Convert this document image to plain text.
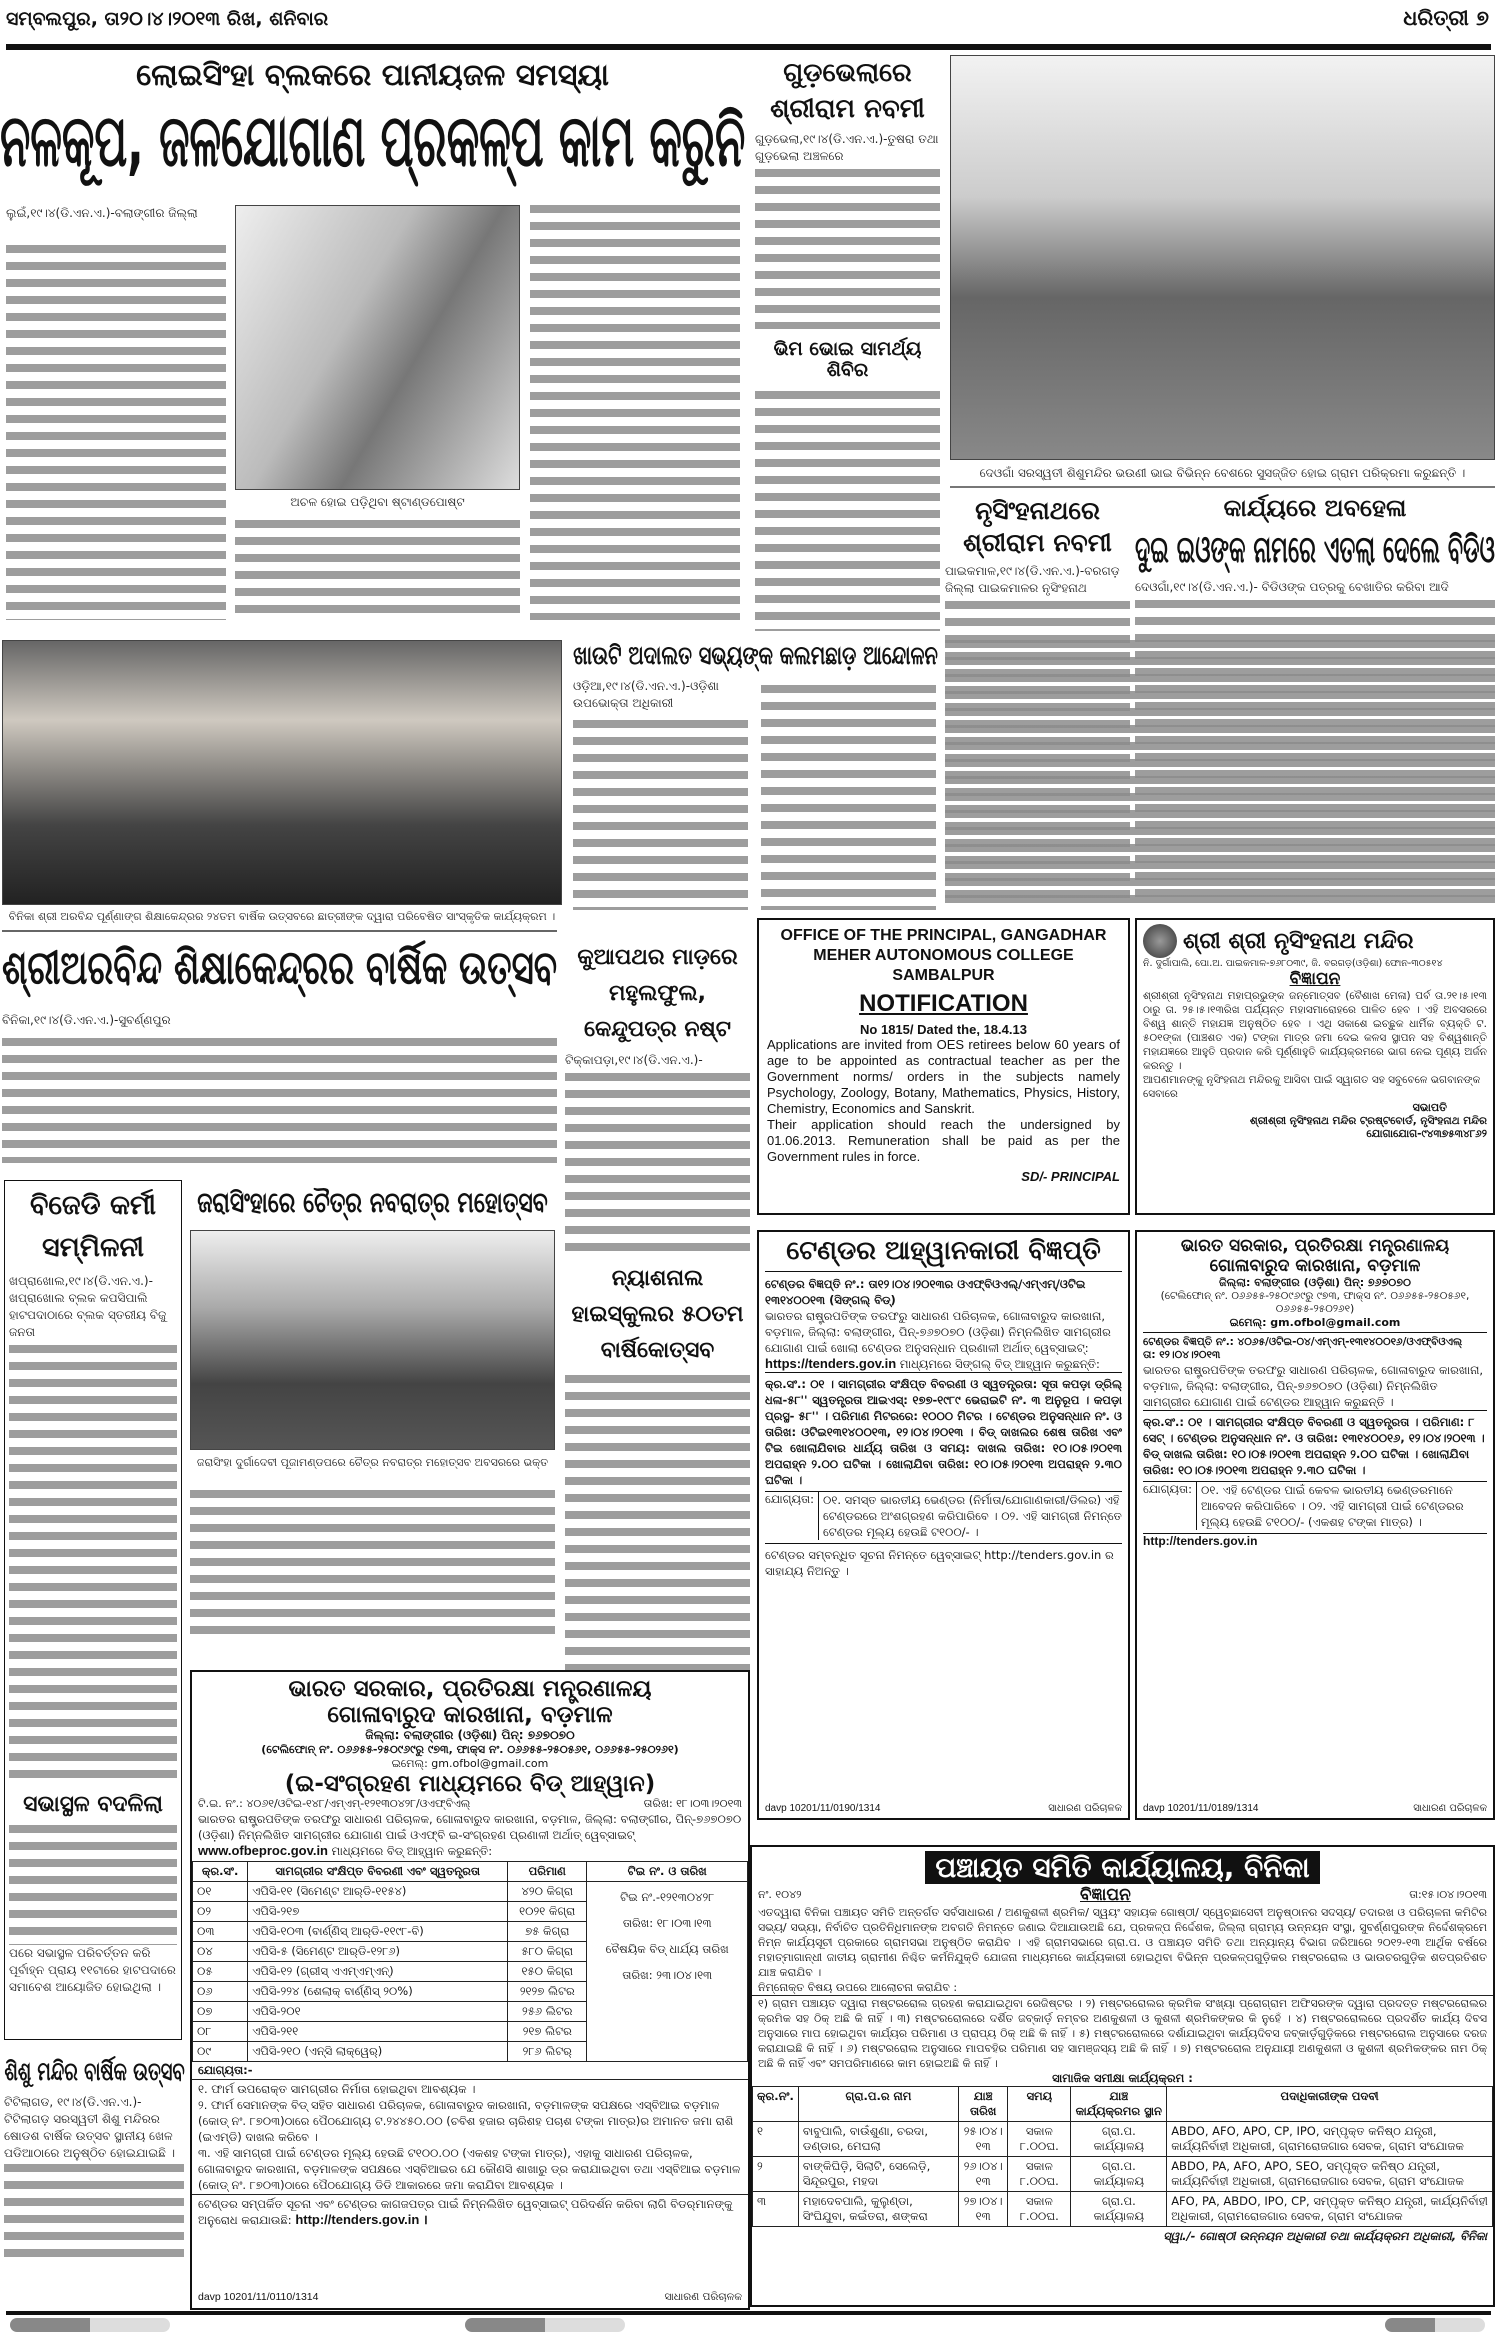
ସମ୍ବଲପୁର, ତା୨୦।୪।୨୦୧୩ ରିଖ, ଶନିବାର	ଧରିତ୍ରୀ ୭
ଲୋଇସିଂହା ବ୍ଲକରେ ପାନୀୟଜଳ ସମସ୍ୟା
ନଳକୂପ, ଜଳଯୋଗାଣ ପ୍ରକଳ୍ପ କାମ କରୁନି
ଲୁଇଁ,୧୯।୪(ଡି.ଏନ.ଏ.)-ବଲାଙ୍ଗୀର ଜିଲ୍ଲା
ଅଚଳ ହୋଇ ପଡ଼ିଥିବା ଷ୍ଟାଣ୍ଡପୋଷ୍ଟ
ଗୁଡ଼ଭେଲାରେ ଶ୍ରୀରାମ ନବମୀ
ଗୁଡ଼ଭେଲା,୧୯।୪(ଡି.ଏନ.ଏ.)-ତୁଷରା ତଥା ଗୁଡ଼ଭେଲା ଅଞ୍ଚଳରେ
ଭିମ ଭୋଇ ସାମର୍ଥ୍ୟ ଶିବିର
ଦେଓଗାଁ ସରସ୍ୱତୀ ଶିଶୁମନ୍ଦିର ଭଉଣୀ ଭାଇ ବିଭିନ୍ନ ବେଶରେ ସୁସଜ୍ଜିତ ହୋଇ ଗ୍ରାମ ପରିକ୍ରମା କରୁଛନ୍ତି ।
ନୃସିଂହନାଥରେ ଶ୍ରୀରାମ ନବମୀ
ପାଇକମାଳ,୧୯।୪(ଡି.ଏନ.ଏ.)-ବରଗଡ଼ ଜିଲ୍ଲା ପାଇକମାଳର ନୃସିଂହନାଥ
କାର୍ଯ୍ୟରେ ଅବହେଳା
ଦୁଇ ଇଓଙ୍କ ନାମରେ ଏତଲା ଦେଲେ ବିଡିଓ
ଦେଓଗାଁ,୧୯।୪(ଡି.ଏନ.ଏ.)- ବିଡିଓଙ୍କ ପତ୍ରକୁ ବେଖାତିର କରିବା ଆଦି
ବିନିକା ଶ୍ରୀ ଅରବିନ୍ଦ ପୂର୍ଣ୍ଣାଙ୍ଗ ଶିକ୍ଷାକେନ୍ଦ୍ରର ୨୪ତମ ବାର୍ଷିକ ଉତ୍ସବରେ ଛାତ୍ରୀଙ୍କ ଦ୍ୱାରା ପରିବେଷିତ ସାଂସ୍କୃତିକ କାର୍ଯ୍ୟକ୍ରମ ।
ଖାଉଟି ଅଦାଲତ ସଭ୍ୟଙ୍କ କଲମଛାଡ଼ ଆନ୍ଦୋଳନ
ଓଡ଼ିଆ,୧୯।୪(ଡି.ଏନ.ଏ.)-ଓଡ଼ିଶା ଉପଭୋକ୍ତା ଅଧିକାରୀ
ଶ୍ରୀଅରବିନ୍ଦ ଶିକ୍ଷାକେନ୍ଦ୍ରର ବାର୍ଷିକ ଉତ୍ସବ
ବିନିକା,୧୯।୪(ଡି.ଏନ.ଏ.)-ସୁବର୍ଣ୍ଣପୁର
କୁଆପଥର ମାଡ଼ରେ ମହୁଲଫୁଲ, କେନ୍ଦୁପତ୍ର ନଷ୍ଟ
ଟିକ୍କାପଡ଼ା,୧୯।୪(ଡି.ଏନ.ଏ.)-
ନ୍ୟାଶନାଲ ହାଇସ୍କୁଲର ୫୦ତମ ବାର୍ଷିକୋତ୍ସବ
OFFICE OF THE PRINCIPAL, GANGADHAR MEHER AUTONOMOUS COLLEGE SAMBALPUR
NOTIFICATION
No 1815/ Dated the, 18.4.13

Applications are invited from OES retirees below 60 years of age to be appointed as contractual teacher as per the Government norms/ orders in the subjects namely Psychology, Zoology, Botany, Mathematics, Physics, History, Chemistry, Economics and Sanskrit.

Their application should reach the undersigned by 01.06.2013. Remuneration shall be paid as per the Government rules in force.

SD/- PRINCIPAL
ଶ୍ରୀ ଶ୍ରୀ ନୃସିଂହନାଥ ମନ୍ଦିର
ନି. ଦୁର୍ଗାପାଲି, ପୋ.ଅ. ପାଇକମାଳ-୭୬୮୦୩୯, ଜି. ବରଗଡ଼(ଓଡ଼ିଶା) ଫୋନ-୩୦୫୧୪
ବିଜ୍ଞାପନ

ଶ୍ରୀଶ୍ରୀ ନୃସିଂହନାଥ ମହାପ୍ରଭୁଙ୍କ ଜନ୍ମୋତ୍ସବ (ବୈଶାଖ ମେଳା) ପର୍ବ ତା.୨୧।୫।୧୩ ଠାରୁ ତା. ୨୫।୫।୧୩ରିଖ ପର୍ଯ୍ୟନ୍ତ ମହାସମାରୋହରେ ପାଳିତ ହେବ । ଏହି ଅବସରରେ ବିଶ୍ୱ ଶାନ୍ତି ମହାଯଜ୍ଞ ଅନୁଷ୍ଠିତ ହେବ । ଏଥି ସକାଶେ ଇଚ୍ଛୁକ ଧାର୍ମିକ ବ୍ୟକ୍ତି ଟ. ୫୦୧ଙ୍କା (ପାଞ୍ଚଶତ ଏକ) ଟଙ୍କା ମାତ୍ର ଜମା ଦେଇ କଳସ ସ୍ଥାପନ ସହ ବିଶ୍ୱଶାନ୍ତି ମହାଯଜ୍ଞରେ ଆହୁତି ପ୍ରଦାନ କରି ପୂର୍ଣ୍ଣାହୁତି କାର୍ଯ୍ୟକ୍ରମରେ ଭାଗ ନେଇ ପୂଣ୍ୟ ଅର୍ଜନ କରନ୍ତୁ ।

ଆପଣମାନଙ୍କୁ ନୃସିଂହନାଥ ମନ୍ଦିରକୁ ଆସିବା ପାଇଁ ସ୍ୱାଗତ ସହ ସବୁବେଳେ ଭଗବାନଙ୍କ ସେବାରେ

ସଭାପତି
ଶ୍ରୀଶ୍ରୀ ନୃସିଂହନାଥ ମନ୍ଦିର ଟ୍ରଷ୍ଟବୋର୍ଡ, ନୃସିଂହନାଥ ମନ୍ଦିର
ଯୋଗାଯୋଗ-୯୪୩୭୫୩୪୮୬୨
ଟେଣ୍ଡର ଆହ୍ୱାନକାରୀ ବିଜ୍ଞପ୍ତି

ଟେଣ୍ଡର ବିଜ୍ଞପ୍ତି ନଂ.: ତା୧୨।୦୪।୨୦୧୩ର ଓଏଫ୍‌ବିଓଏଲ୍/ଏମ୍‌ଏମ୍/ଓଟିଇ ୧୩୧୪୦୦୧୩ (ସିଙ୍ଗଲ୍ ବିଡ୍)

ଭାରତର ରାଷ୍ଟ୍ରପତିଙ୍କ ତରଫରୁ ସାଧାରଣ ପରିଚାଳକ, ଗୋଳାବାରୁଦ କାରଖାନା, ବଡ଼ମାଳ, ଜିଲ୍ଲା: ବଲାଙ୍ଗୀର, ପିନ୍-୭୬୭୦୭୦ (ଓଡ଼ିଶା) ନିମ୍ନଲିଖିତ ସାମଗ୍ରୀର ଯୋଗାଣ ପାଇଁ ଖୋଲା ଟେଣ୍ଡର ଅନୁସନ୍ଧାନ ପ୍ରଣାଳୀ ଅର୍ଥାତ୍ ୱେବ୍‌ସାଇଟ୍: https://tenders.gov.in ମାଧ୍ୟମରେ ସିଙ୍ଗଲ୍ ବିଡ୍ ଆହ୍ୱାନ କରୁଛନ୍ତି:

କ୍ର.ସଂ.: ୦୧ । ସାମଗ୍ରୀର ସଂକ୍ଷିପ୍ତ ବିବରଣୀ ଓ ସ୍ୱତନ୍ତ୍ରତା: ସୂତା କପଡ଼ା ଡ୍ରିଲ୍ ଧଳା-୫୮'' ସ୍ୱତନ୍ତ୍ରତା ଆଇଏସ୍: ୧୭୭-୧୯୮୯ ଭେରାଇଟି ନଂ. ୩ ଅନୁରୂପ । କପଡ଼ା ପ୍ରସ୍ଥ- ୫୮'' । ପରିମାଣ ମିଟରରେ: ୧୦୦୦ ମିଟର । ଟେଣ୍ଡର ଅନୁସନ୍ଧାନ ନଂ. ଓ ତାରିଖ: ଓଟିଇ୧୩୧୪୦୦୧୩, ୧୨।୦୪।୨୦୧୩ । ବିଡ୍ ଦାଖଲର ଶେଷ ତାରିଖ ଏବଂ ଟିଇ ଖୋଲାଯିବାର ଧାର୍ଯ୍ୟ ତାରିଖ ଓ ସମୟ: ଦାଖଲ ତାରିଖ: ୧୦।୦୫।୨୦୧୩ ଅପରାହ୍ନ ୨.୦୦ ଘଟିକା । ଖୋଲାଯିବା ତାରିଖ: ୧୦।୦୫।୨୦୧୩ ଅପରାହ୍ନ ୨.୩୦ ଘଟିକା ।

ଯୋଗ୍ୟତା: ୦୧. ସମସ୍ତ ଭାରତୀୟ ଭେଣ୍ଡର (ନିର୍ମାତା/ଯୋଗାଣକାରୀ/ଡିଲର) ଏହି ଟେଣ୍ଡରରେ ଅଂଶଗ୍ରହଣ କରିପାରିବେ । ୦୨. ଏହି ସାମଗ୍ରୀ ନିମନ୍ତେ ଟେଣ୍ଡର ମୂଲ୍ୟ ହେଉଛି ଟ୧୦୦/- ।

ଟେଣ୍ଡର ସମ୍ବନ୍ଧିତ ସୂଚନା ନିମନ୍ତେ ୱେବ୍‌ସାଇଟ୍ http://tenders.gov.in ର ସାହାଯ୍ୟ ନିଅନ୍ତୁ ।

davp 10201/11/0190/1314	ସାଧାରଣ ପରିଚାଳକ
ଭାରତ ସରକାର, ପ୍ରତିରକ୍ଷା ମନ୍ତ୍ରଣାଳୟ
ଗୋଳାବାରୁଦ କାରଖାନା, ବଡ଼ମାଳ
ଜିଲ୍ଲା: ବଲାଙ୍ଗୀର (ଓଡ଼ିଶା) ପିନ୍: ୭୬୭୦୭୦
(ଟେଲିଫୋନ୍ ନଂ. ୦୬୬୫୫-୨୫୦୯୬୯ରୁ ୯୭୩, ଫାକ୍ସ ନଂ. ୦୬୬୫୫-୨୫୦୫୬୧, ୦୬୬୫୫-୨୫୦୨୬୧)
ଇମେଲ୍: gm.ofbol@gmail.com
ଟେଣ୍ଡର ବିଜ୍ଞପ୍ତି ନଂ.: ୪୦୬୫/ଓଟିଇ-୦୪/ଏମ୍‌ଏମ୍-୧୩୧୪୦୦୧୬/ଓଏଫ୍‌ବିଓଏଲ୍
ତା: ୧୨।୦୪।୨୦୧୩

ଭାରତର ରାଷ୍ଟ୍ରପତିଙ୍କ ତରଫରୁ ସାଧାରଣ ପରିଚାଳକ, ଗୋଳାବାରୁଦ କାରଖାନା, ବଡ଼ମାଳ, ଜିଲ୍ଲା: ବଲାଙ୍ଗୀର, ପିନ୍-୭୬୭୦୭୦ (ଓଡ଼ିଶା) ନିମ୍ନଲିଖିତ ସାମଗ୍ରୀର ଯୋଗାଣ ପାଇଁ ଟେଣ୍ଡର ଆହ୍ୱାନ କରୁଛନ୍ତି ।

କ୍ର.ସଂ.: ୦୧ । ସାମଗ୍ରୀର ସଂକ୍ଷିପ୍ତ ବିବରଣୀ ଓ ସ୍ୱତନ୍ତ୍ରତା । ପରିମାଣ: ୮ ସେଟ୍ । ଟେଣ୍ଡର ଅନୁସନ୍ଧାନ ନଂ. ଓ ତାରିଖ: ୧୩୧୪୦୦୧୬, ୧୨।୦୪।୨୦୧୩ । ବିଡ୍ ଦାଖଲ ତାରିଖ: ୧୦।୦୫।୨୦୧୩ ଅପରାହ୍ନ ୨.୦୦ ଘଟିକା । ଖୋଲାଯିବା ତାରିଖ: ୧୦।୦୫।୨୦୧୩ ଅପରାହ୍ନ ୨.୩୦ ଘଟିକା ।

ଯୋଗ୍ୟତା: ୦୧. ଏହି ଟେଣ୍ଡର ପାଇଁ କେବଳ ଭାରତୀୟ ଭେଣ୍ଡରମାନେ ଆବେଦନ କରିପାରିବେ । ୦୨. ଏହି ସାମଗ୍ରୀ ପାଇଁ ଟେଣ୍ଡରର ମୂଲ୍ୟ ହେଉଛି ଟ୧୦୦/- (ଏକଶହ ଟଙ୍କା ମାତ୍ର) ।

http://tenders.gov.in
davp 10201/11/0189/1314	ସାଧାରଣ ପରିଚାଳକ
ବିଜେଡି କର୍ମୀ ସମ୍ମିଳନୀ
ଖପ୍ରାଖୋଲ,୧୯।୪(ଡି.ଏନ.ଏ.)-ଖପ୍ରାଖୋଲ ବ୍ଲକ କପସିପାଲି ହାଟପଦାଠାରେ ବ୍ଲକ ସ୍ତରୀୟ ବିଜୁ ଜନତା
ସଭାସ୍ଥଳ ବଦଳିଲା
ପରେ ସଭାସ୍ଥଳ ପରିବର୍ତ୍ତନ କରି ପୂର୍ବାହ୍ନ ପ୍ରାୟ ୧୧ଟାରେ ହାଟପଦାରେ ସମାବେଶ ଆୟୋଜିତ ହୋଇଥିଲା ।
ଜରାସିଂହାରେ ଚୈତ୍ର ନବରାତ୍ର ମହୋତ୍ସବ
ଜରାସିଂହା ଦୁର୍ଗାଦେବୀ ପୂଜାମଣ୍ଡପରେ ଚୈତ୍ର ନବରାତ୍ର ମହୋତ୍ସବ ଅବସରରେ ଭକ୍ତ
ଭାରତ ସରକାର, ପ୍ରତିରକ୍ଷା ମନ୍ତ୍ରଣାଳୟ
ଗୋଳାବାରୁଦ କାରଖାନା, ବଡ଼ମାଳ
ଜିଲ୍ଲା: ବଲାଙ୍ଗୀର (ଓଡ଼ିଶା) ପିନ୍: ୭୬୭୦୭୦
(ଟେଲିଫୋନ୍ ନଂ. ୦୬୬୫୫-୨୫୦୯୬୯ରୁ ୯୭୩, ଫାକ୍ସ ନଂ. ୦୬୬୫୫-୨୫୦୫୬୧, ୦୬୬୫୫-୨୫୦୨୬୧)
ଇମେଲ୍: gm.ofbol@gmail.com
(ଇ-ସଂଗ୍ରହଣ ମାଧ୍ୟମରେ ବିଡ୍ ଆହ୍ୱାନ)
ଟି.ଇ. ନଂ.: ୪୦୬୧/ଓଟିଇ-୧୪୮/ଏମ୍‌ଏମ୍-୧୨୧୩୦୪୨୮/ଓଏଫ୍‌ବିଏଲ୍	ତାରିଖ: ୧୮।୦୩।୨୦୧୩

ଭାରତର ରାଷ୍ଟ୍ରପତିଙ୍କ ତରଫରୁ ସାଧାରଣ ପରିଚାଳକ, ଗୋଳାବାରୁଦ କାରଖାନା, ବଡ଼ମାଳ, ଜିଲ୍ଲା: ବଲାଙ୍ଗୀର, ପିନ୍-୭୬୭୦୭୦ (ଓଡ଼ିଶା) ନିମ୍ନଲିଖିତ ସାମଗ୍ରୀର ଯୋଗାଣ ପାଇଁ ଓଏଫ୍‌ବି ଇ-ସଂଗ୍ରହଣ ପ୍ରଣାଳୀ ଅର୍ଥାତ୍ ୱେବ୍‌ସାଇଟ୍ www.ofbeproc.gov.in ମାଧ୍ୟମରେ ବିଡ୍ ଆହ୍ୱାନ କରୁଛନ୍ତି:

କ୍ର.ସଂ.	ସାମଗ୍ରୀର ସଂକ୍ଷିପ୍ତ ବିବରଣୀ ଏବଂ ସ୍ୱତନ୍ତ୍ରତା	ପରିମାଣ	ଟିଇ ନଂ. ଓ ତାରିଖ
୦୧	ଏପିସି-୧୧ (ସିମେଣ୍ଟ ଆର୍‌ଡି-୧୧୫୪)	୪୨୦ କିଗ୍ରା	ଟିଇ ନଂ.-୧୨୧୩୦୪୨୮
ତାରିଖ: ୧୮।୦୩।୧୩
ବୈଷୟିକ ବିଡ୍ ଧାର୍ଯ୍ୟ ତାରିଖ
ତାରିଖ: ୨୩।୦୪।୧୩

୦୨	ଏପିସି-୨୧୭	୧୦୨୧ କିଗ୍ରା	
୦୩	ଏପିସି-୧୦୩ (ବାର୍ଣ୍ଣିସ୍ ଆର୍‌ଡି-୧୧୯୮-ବି)	୭୫ କିଗ୍ରା	
୦୪	ଏପିସି-୫ (ସିମେଣ୍ଟ ଆର୍‌ଡି-୧୨୮୬)	୫୮୦ କିଗ୍ରା	
୦୫	ଏପିସି-୧୨ (ଗ୍ରୀସ୍ ଏଏମ୍‌ଏମ୍‌ଏନ୍)	୧୫୦ କିଗ୍ରା	
୦୬	ଏପିସି-୨୨୪ (ଶେଲାକ୍ ବାର୍ଣ୍ଣିସ୍ ୨୦%)	୨୧୨୭ ଲିଟର	
୦୭	ଏପିସି-୨୦୧	୨୫୬ ଲିଟର	
୦୮	ଏପିସି-୨୧୧	୨୧୭ ଲିଟର	
୦୯	ଏପିସି-୨୧୦ (ଏନ୍‌ସି ଲାକ୍ୱେର୍)	୨୮୬ ଲିଟର୍	
ଯୋଗ୍ୟତା:-

୧. ଫାର୍ମ ଉପରୋକ୍ତ ସାମଗ୍ରୀର ନିର୍ମାତା ହୋଇଥିବା ଆବଶ୍ୟକ ।

୨. ଫାର୍ମ ସେମାନଙ୍କ ବିଡ୍ ସହିତ ସାଧାରଣ ପରିଚାଳକ, ଗୋଳାବାରୁଦ କାରଖାନା, ବଡ଼ମାଳଙ୍କ ସପକ୍ଷରେ ଏସ୍‌ବିଆଇ ବଡ଼ମାଳ (କୋଡ୍ ନଂ. ୮୭୦୩)ଠାରେ ପୈଠଯୋଗ୍ୟ ଟ.୨୪୪୫୦.୦୦ (ଚବିଶ ହଜାର ଚାରିଶହ ପଚାଶ ଟଙ୍କା ମାତ୍ର)ର ଅମାନତ ଜମା ରାଶି (ଇଏମ୍‌ଡି) ଦାଖଲ କରିବେ ।

୩. ଏହି ସାମଗ୍ରୀ ପାଇଁ ଟେଣ୍ଡର ମୂଲ୍ୟ ହେଉଛି ଟ୧୦୦.୦୦ (ଏକଶହ ଟଙ୍କା ମାତ୍ର), ଏହାକୁ ସାଧାରଣ ପରିଚାଳକ, ଗୋଳାବାରୁଦ କାରଖାନା, ବଡ଼ମାଳଙ୍କ ସପକ୍ଷରେ ଏସ୍‌ବିଆଇର ଯେ କୌଣସି ଶାଖାରୁ ଡ୍ର କରାଯାଇଥିବା ତଥା ଏସ୍‌ବିଆଇ ବଡ଼ମାଳ (କୋଡ୍ ନଂ. ୮୭୦୩)ଠାରେ ପୈଠଯୋଗ୍ୟ ଡିଡି ଆକାରରେ ଜମା କରାଯିବା ଆବଶ୍ୟକ ।

ଟେଣ୍ଡର ସମ୍ପର୍କିତ ସୂଚନା ଏବଂ ଟେଣ୍ଡର କାଗଜପତ୍ର ପାଇଁ ନିମ୍ନଲିଖିତ ୱେବ୍‌ସାଇଟ୍ ପରିଦର୍ଶନ କରିବା ଲାଗି ବିଡର୍‌ମାନଙ୍କୁ ଅନୁରୋଧ କରାଯାଉଛି: http://tenders.gov.in ।

davp 10201/11/0110/1314	ସାଧାରଣ ପରିଚାଳକ
ଶିଶୁ ମନ୍ଦିର ବାର୍ଷିକ ଉତ୍ସବ
ଟିଟିଲାଗଡ, ୧୯।୪(ଡି.ଏନ.ଏ.)-ଟିଟିଲାଗଡ଼ ସରସ୍ୱତୀ ଶିଶୁ ମନ୍ଦିରର ଷୋଡଶ ବାର୍ଷିକ ଉତ୍ସବ ସ୍ଥାନୀୟ ଖେଳ ପଡିଆଠାରେ ଅନୁଷ୍ଠିତ ହୋଇଯାଇଛି ।
ପଞ୍ଚାୟତ ସମିତି କାର୍ଯ୍ୟାଳୟ, ବିନିକା
ନଂ. ୧୦୪୨	ବିଜ୍ଞାପନ	ତା:୧୫।୦୪।୨୦୧୩

ଏତଦ୍ୱାରା ବିନିକା ପଞ୍ଚାୟତ ସମିତି ଅନ୍ତର୍ଗତ ସର୍ବସାଧାରଣ / ଅଣକୁଶଳୀ ଶ୍ରମିକ/ ସ୍ୱୟଂ ସହାୟକ ଗୋଷ୍ଠୀ/ ସ୍ୱେଚ୍ଛାସେବୀ ଅନୁଷ୍ଠାନର ସଦସ୍ୟ/ ତଦାରଖ ଓ ପରିଚାଳନା କମିଟିର ସଭ୍ୟ/ ସଭ୍ୟା, ନିର୍ବାଚିତ ପ୍ରତିନିଧିମାନଙ୍କ ଅବଗତି ନିମନ୍ତେ ଜଣାଇ ଦିଆଯାଉଅଛି ଯେ, ପ୍ରକଳ୍ପ ନିର୍ଦ୍ଦେଶକ, ଜିଲ୍ଲା ଗ୍ରାମ୍ୟ ଉନ୍ନୟନ ସଂସ୍ଥା, ସୁବର୍ଣ୍ଣପୁରଙ୍କ ନିର୍ଦ୍ଦେଶକ୍ରମେ ନିମ୍ନ କାର୍ଯ୍ୟସୂଚୀ ପ୍ରକାରେ ଗ୍ରାମସଭା ଅନୁଷ୍ଠିତ କରାଯିବ । ଏହି ଗ୍ରାମସଭାରେ ଗ୍ରା.ପ. ଓ ପଞ୍ଚାୟତ ସମିତି ତଥା ଅନ୍ୟାନ୍ୟ ବିଭାଗ ଜରିଆରେ ୨୦୧୨-୧୩ ଆର୍ଥିକ ବର୍ଷରେ ମହାତ୍ମାଗାନ୍ଧୀ ଜାତୀୟ ଗ୍ରାମୀଣ ନିଶ୍ଚିତ କର୍ମନିଯୁକ୍ତି ଯୋଜନା ମାଧ୍ୟମରେ କାର୍ଯ୍ୟକାରୀ ହୋଇଥିବା ବିଭିନ୍ନ ପ୍ରକଳ୍ପଗୁଡ଼ିକର ମଷ୍ଟରରୋଲ ଓ ଭାଉଚରଗୁଡ଼ିକ ଶତପ୍ରତିଶତ ଯାଞ୍ଚ କରାଯିବ ।

ନିମ୍ନୋକ୍ତ ବିଷୟ ଉପରେ ଆଲୋଚନା କରାଯିବ :

୧) ଗ୍ରାମ ପଞ୍ଚାୟତ ଦ୍ୱାରା ମଷ୍ଟରରୋଲ ଗ୍ରହଣ କରାଯାଇଥିବା ରେଜିଷ୍ଟର । ୨) ମଷ୍ଟରରୋଲର କ୍ରମିକ ସଂଖ୍ୟା ପ୍ରୋଗ୍ରାମ ଅଫିସରଙ୍କ ଦ୍ୱାରା ପ୍ରଦତ୍ତ ମଷ୍ଟରରୋଲର କ୍ରମିକ ସହ ଠିକ୍ ଅଛି କି ନାହିଁ । ୩) ମଷ୍ଟରରୋଲରେ ଦର୍ଶିତ ଜବ୍‌କାର୍ଡ଼ ନମ୍ବର ଅଣକୁଶଳୀ ଓ କୁଶଳୀ ଶ୍ରମିକଙ୍କର କି ନୁହେଁ । ୪) ମଷ୍ଟରରୋଲରେ ପ୍ରଦର୍ଶିତ କାର୍ଯ୍ୟ ଦିବସ ଅନୁସାରେ ମାପ ହୋଇଥିବା କାର୍ଯ୍ୟର ପରିମାଣ ଓ ପ୍ରାପ୍ୟ ଠିକ୍ ଅଛି କି ନାହିଁ । ୫) ମଷ୍ଟରରୋଲରେ ଦର୍ଶାଯାଇଥିବା କାର୍ଯ୍ୟଦିବସ ଜବ୍‌କାର୍ଡ଼ଗୁଡ଼ିକରେ ମଷ୍ଟରରୋଲ ଅନୁସାରେ ଦରଜ କରାଯାଇଛି କି ନାହିଁ । ୬) ମଷ୍ଟରରୋଲ ଅନୁସାରେ ମାପବହିର ପରିମାଣ ସହ ସାମଞ୍ଜସ୍ୟ ଅଛି କି ନାହିଁ । ୭) ମଷ୍ଟରରୋଲ ଅନୁଯାୟୀ ଅଣକୁଶଳୀ ଓ କୁଶଳୀ ଶ୍ରମିକଙ୍କର ନାମ ଠିକ୍ ଅଛି କି ନାହିଁ ଏବଂ ସମପରିମାଣରେ କାମ ହୋଇଅଛି କି ନାହିଁ ।

ସାମାଜିକ ସମୀକ୍ଷା କାର୍ଯ୍ୟକ୍ରମ :
କ୍ର.ନଂ.	ଗ୍ରା.ପ.ର ନାମ	ଯାଞ୍ଚ ତାରିଖ	ସମୟ	ଯାଞ୍ଚ କାର୍ଯ୍ୟକ୍ରମର ସ୍ଥାନ	ପଦାଧିକାରୀଙ୍କ ପଦବୀ
୧	ବାବୁପାଲି, ବାଉଁଶୁଣା, ଚରଦା, ଡଣ୍ଡାର, ମେଘଲା	୨୫।୦୪।୧୩	ସକାଳ ୮.୦୦ଘ.	ଗ୍ରା.ପ. କାର୍ଯ୍ୟାଳୟ	ABDO, AFO, APO, CP, IPO, ସମ୍ପୃକ୍ତ କନିଷ୍ଠ ଯନ୍ତ୍ରୀ, କାର୍ଯ୍ୟନିର୍ବାହୀ ଅଧିକାରୀ, ଗ୍ରାମରୋଜଗାର ସେବକ, ଗ୍ରାମ ସଂଯୋଜକ
୨	ବାଙ୍କିଘିଡ଼ି, ସିଲାଟି, ସେଲେଡ଼ି, ସିନ୍ଦୂରପୁର, ମହଦା	୨୬।୦୪।୧୩	ସକାଳ ୮.୦୦ଘ.	ଗ୍ରା.ପ. କାର୍ଯ୍ୟାଳୟ	ABDO, PA, AFO, APO, SEO, ସମ୍ପୃକ୍ତ କନିଷ୍ଠ ଯନ୍ତ୍ରୀ, କାର୍ଯ୍ୟନିର୍ବାହୀ ଅଧିକାରୀ, ଗ୍ରାମରୋଜଗାର ସେବକ, ଗ୍ରାମ ସଂଯୋଜକ
୩	ମହାଦେବପାଲି, କୁଲୁଣ୍ଡା, ସିଂଘିଯୁବା, କଇଁତରା, ଶଙ୍କରା	୨୭।୦୪।୧୩	ସକାଳ ୮.୦୦ଘ.	ଗ୍ରା.ପ. କାର୍ଯ୍ୟାଳୟ	AFO, PA, ABDO, IPO, CP, ସମ୍ପୃକ୍ତ କନିଷ୍ଠ ଯନ୍ତ୍ରୀ, କାର୍ଯ୍ୟନିର୍ବାହୀ ଅଧିକାରୀ, ଗ୍ରାମରୋଜଗାର ସେବକ, ଗ୍ରାମ ସଂଯୋଜକ
ସ୍ୱା./- ଗୋଷ୍ଠୀ ଉନ୍ନୟନ ଅଧିକାରୀ ତଥା କାର୍ଯ୍ୟକ୍ରମ ଅଧିକାରୀ, ବିନିକା
